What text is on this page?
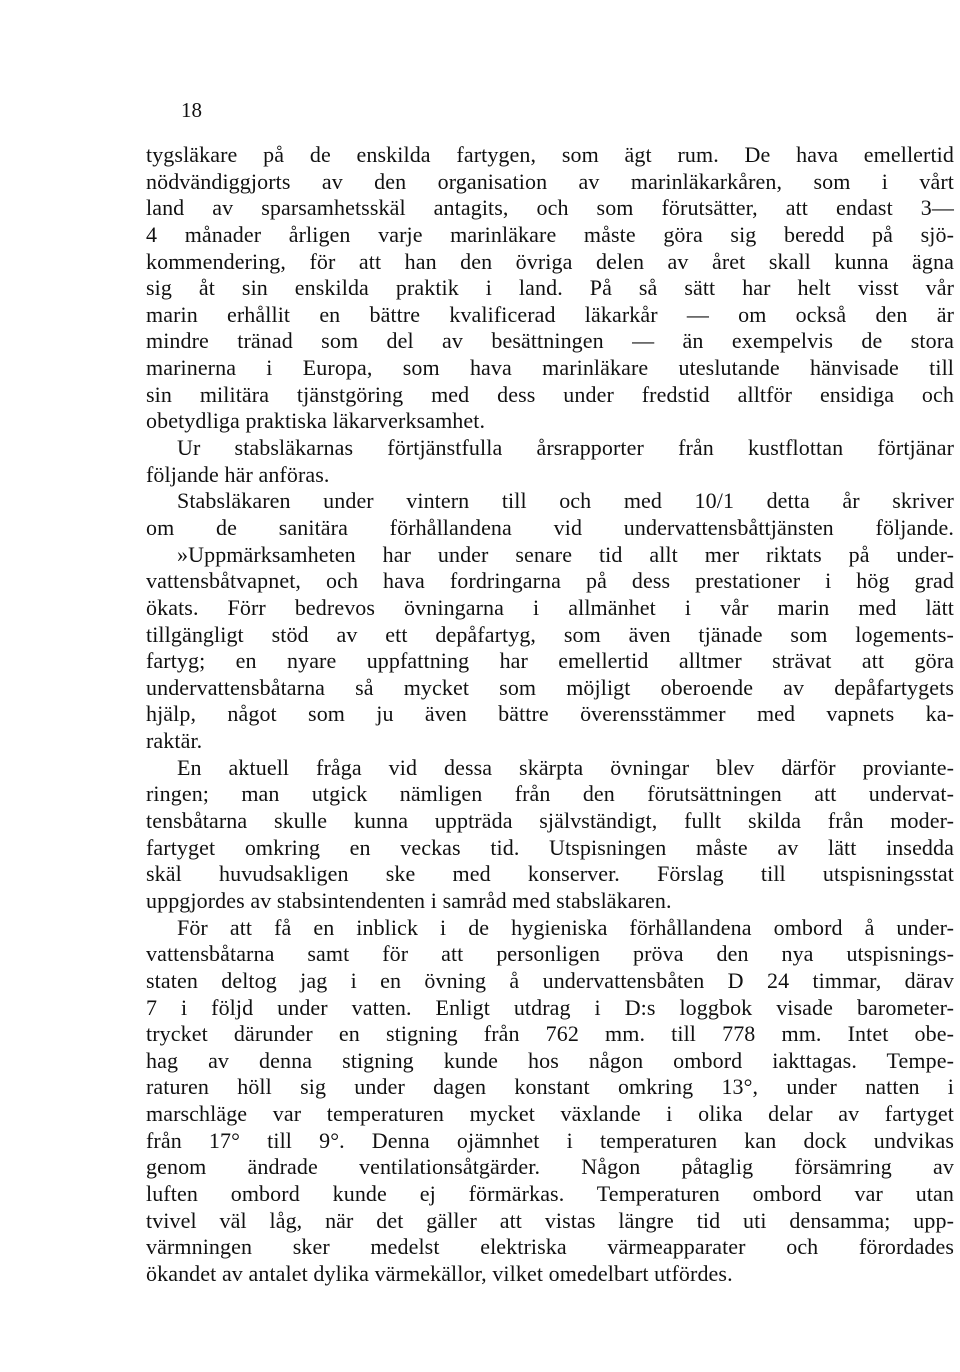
18
tygsläkare på de enskilda fartygen, som ägt rum. De hava emellertid
nödvändiggjorts av den organisation av marinläkarkåren, som i vårt
land av sparsamhetsskäl antagits, och som förutsätter, att endast 3—
4 månader årligen varje marinläkare måste göra sig beredd på sjö-
kommendering, för att han den övriga delen av året skall kunna ägna
sig åt sin enskilda praktik i land. På så sätt har helt visst vår
marin erhållit en bättre kvalificerad läkarkår — om också den är
mindre tränad som del av besättningen — än exempelvis de stora
marinerna i Europa, som hava marinläkare uteslutande hänvisade till
sin militära tjänstgöring med dess under fredstid alltför ensidiga och
obetydliga praktiska läkarverksamhet.
Ur stabsläkarnas förtjänstfulla årsrapporter från kustflottan förtjänar
följande här anföras.
Stabsläkaren under vintern till och med 10/1 detta år skriver
om de sanitära förhållandena vid undervattensbåttjänsten följande.
»Uppmärksamheten har under senare tid allt mer riktats på under-
vattensbåtvapnet, och hava fordringarna på dess prestationer i hög grad
ökats. Förr bedrevos övningarna i allmänhet i vår marin med lätt
tillgängligt stöd av ett depåfartyg, som även tjänade som logements-
fartyg; en nyare uppfattning har emellertid alltmer strävat att göra
undervattensbåtarna så mycket som möjligt oberoende av depåfartygets
hjälp, något som ju även bättre överensstämmer med vapnets ka-
raktär.
En aktuell fråga vid dessa skärpta övningar blev därför proviante-
ringen; man utgick nämligen från den förutsättningen att undervat-
tensbåtarna skulle kunna uppträda självständigt, fullt skilda från moder-
fartyget omkring en veckas tid. Utspisningen måste av lätt insedda
skäl huvudsakligen ske med konserver. Förslag till utspisningsstat
uppgjordes av stabsintendenten i samråd med stabsläkaren.
För att få en inblick i de hygieniska förhållandena ombord å under-
vattensbåtarna samt för att personligen pröva den nya utspisnings-
staten deltog jag i en övning å undervattensbåten D 24 timmar, därav
7 i följd under vatten. Enligt utdrag i D:s loggbok visade barometer-
trycket därunder en stigning från 762 mm. till 778 mm. Intet obe-
hag av denna stigning kunde hos någon ombord iakttagas. Tempe-
raturen höll sig under dagen konstant omkring 13°, under natten i
marschläge var temperaturen mycket växlande i olika delar av fartyget
från 17° till 9°. Denna ojämnhet i temperaturen kan dock undvikas
genom ändrade ventilationsåtgärder. Någon påtaglig försämring av
luften ombord kunde ej förmärkas. Temperaturen ombord var utan
tvivel väl låg, när det gäller att vistas längre tid uti densamma; upp-
värmningen sker medelst elektriska värmeapparater och förordades
ökandet av antalet dylika värmekällor, vilket omedelbart utfördes.
